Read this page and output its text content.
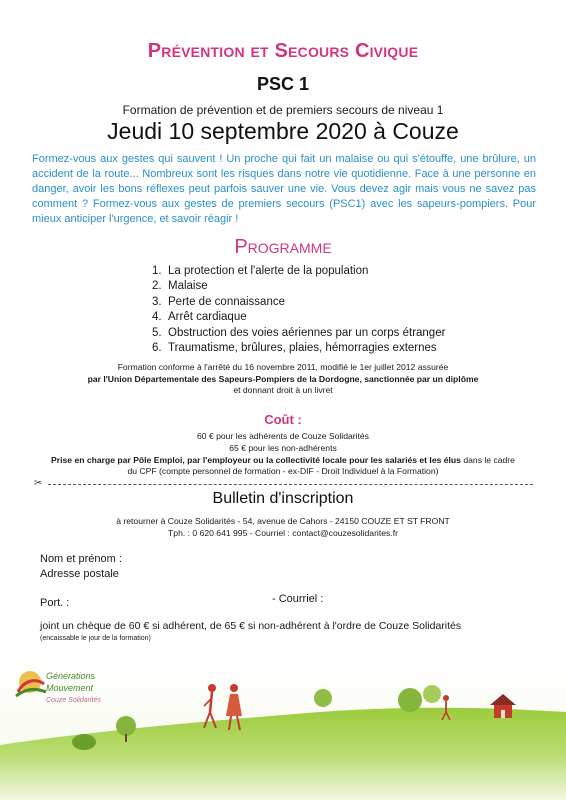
Prévention et Secours Civique
PSC 1
Formation de prévention et de premiers secours de niveau 1
Jeudi 10 septembre 2020 à Couze
Formez-vous aux gestes qui sauvent ! Un proche qui fait un malaise ou qui s'étouffe, une brûlure, un accident de la route... Nombreux sont les risques dans notre vie quotidienne. Face à une personne en danger, avoir les bons réflexes peut parfois sauver une vie. Vous devez agir mais vous ne savez pas comment ? Formez-vous aux gestes de premiers secours (PSC1) avec les sapeurs-pompiers. Pour mieux anticiper l'urgence, et savoir réagir !
Programme
1. La protection et l'alerte de la population
2. Malaise
3. Perte de connaissance
4. Arrêt cardiaque
5. Obstruction des voies aériennes par un corps étranger
6. Traumatisme, brûlures, plaies, hémorragies externes
Formation conforme à l'arrêté du 16 novembre 2011, modifié le 1er juillet 2012 assurée
par l'Union Départementale des Sapeurs-Pompiers de la Dordogne, sanctionnée par un diplôme
et donnant droit à un livret
Coût :
60 € pour les adhérents de Couze Solidarités
65 € pour les non-adhérents
Prise en charge par Pôle Emploi, par l'employeur ou la collectivité locale pour les salariés et les élus dans le cadre
du CPF (compte personnel de formation - ex-DIF - Droit Individuel à la Formation)
✂
Bulletin d'inscription
à retourner à Couze Solidarités - 54, avenue de Cahors - 24150 COUZE ET ST FRONT
Tph. : 0 620 641 995 - Courriel : contact@couzesolidarites.fr
Nom et prénom :
Adresse postale
Port. :	- Courriel :
joint un chèque de 60 € si adhérent, de 65 € si non-adhérent à l'ordre de Couze Solidarités
(encaissable le jour de la formation)
Générations
Mouvement
Couze Solidarités
